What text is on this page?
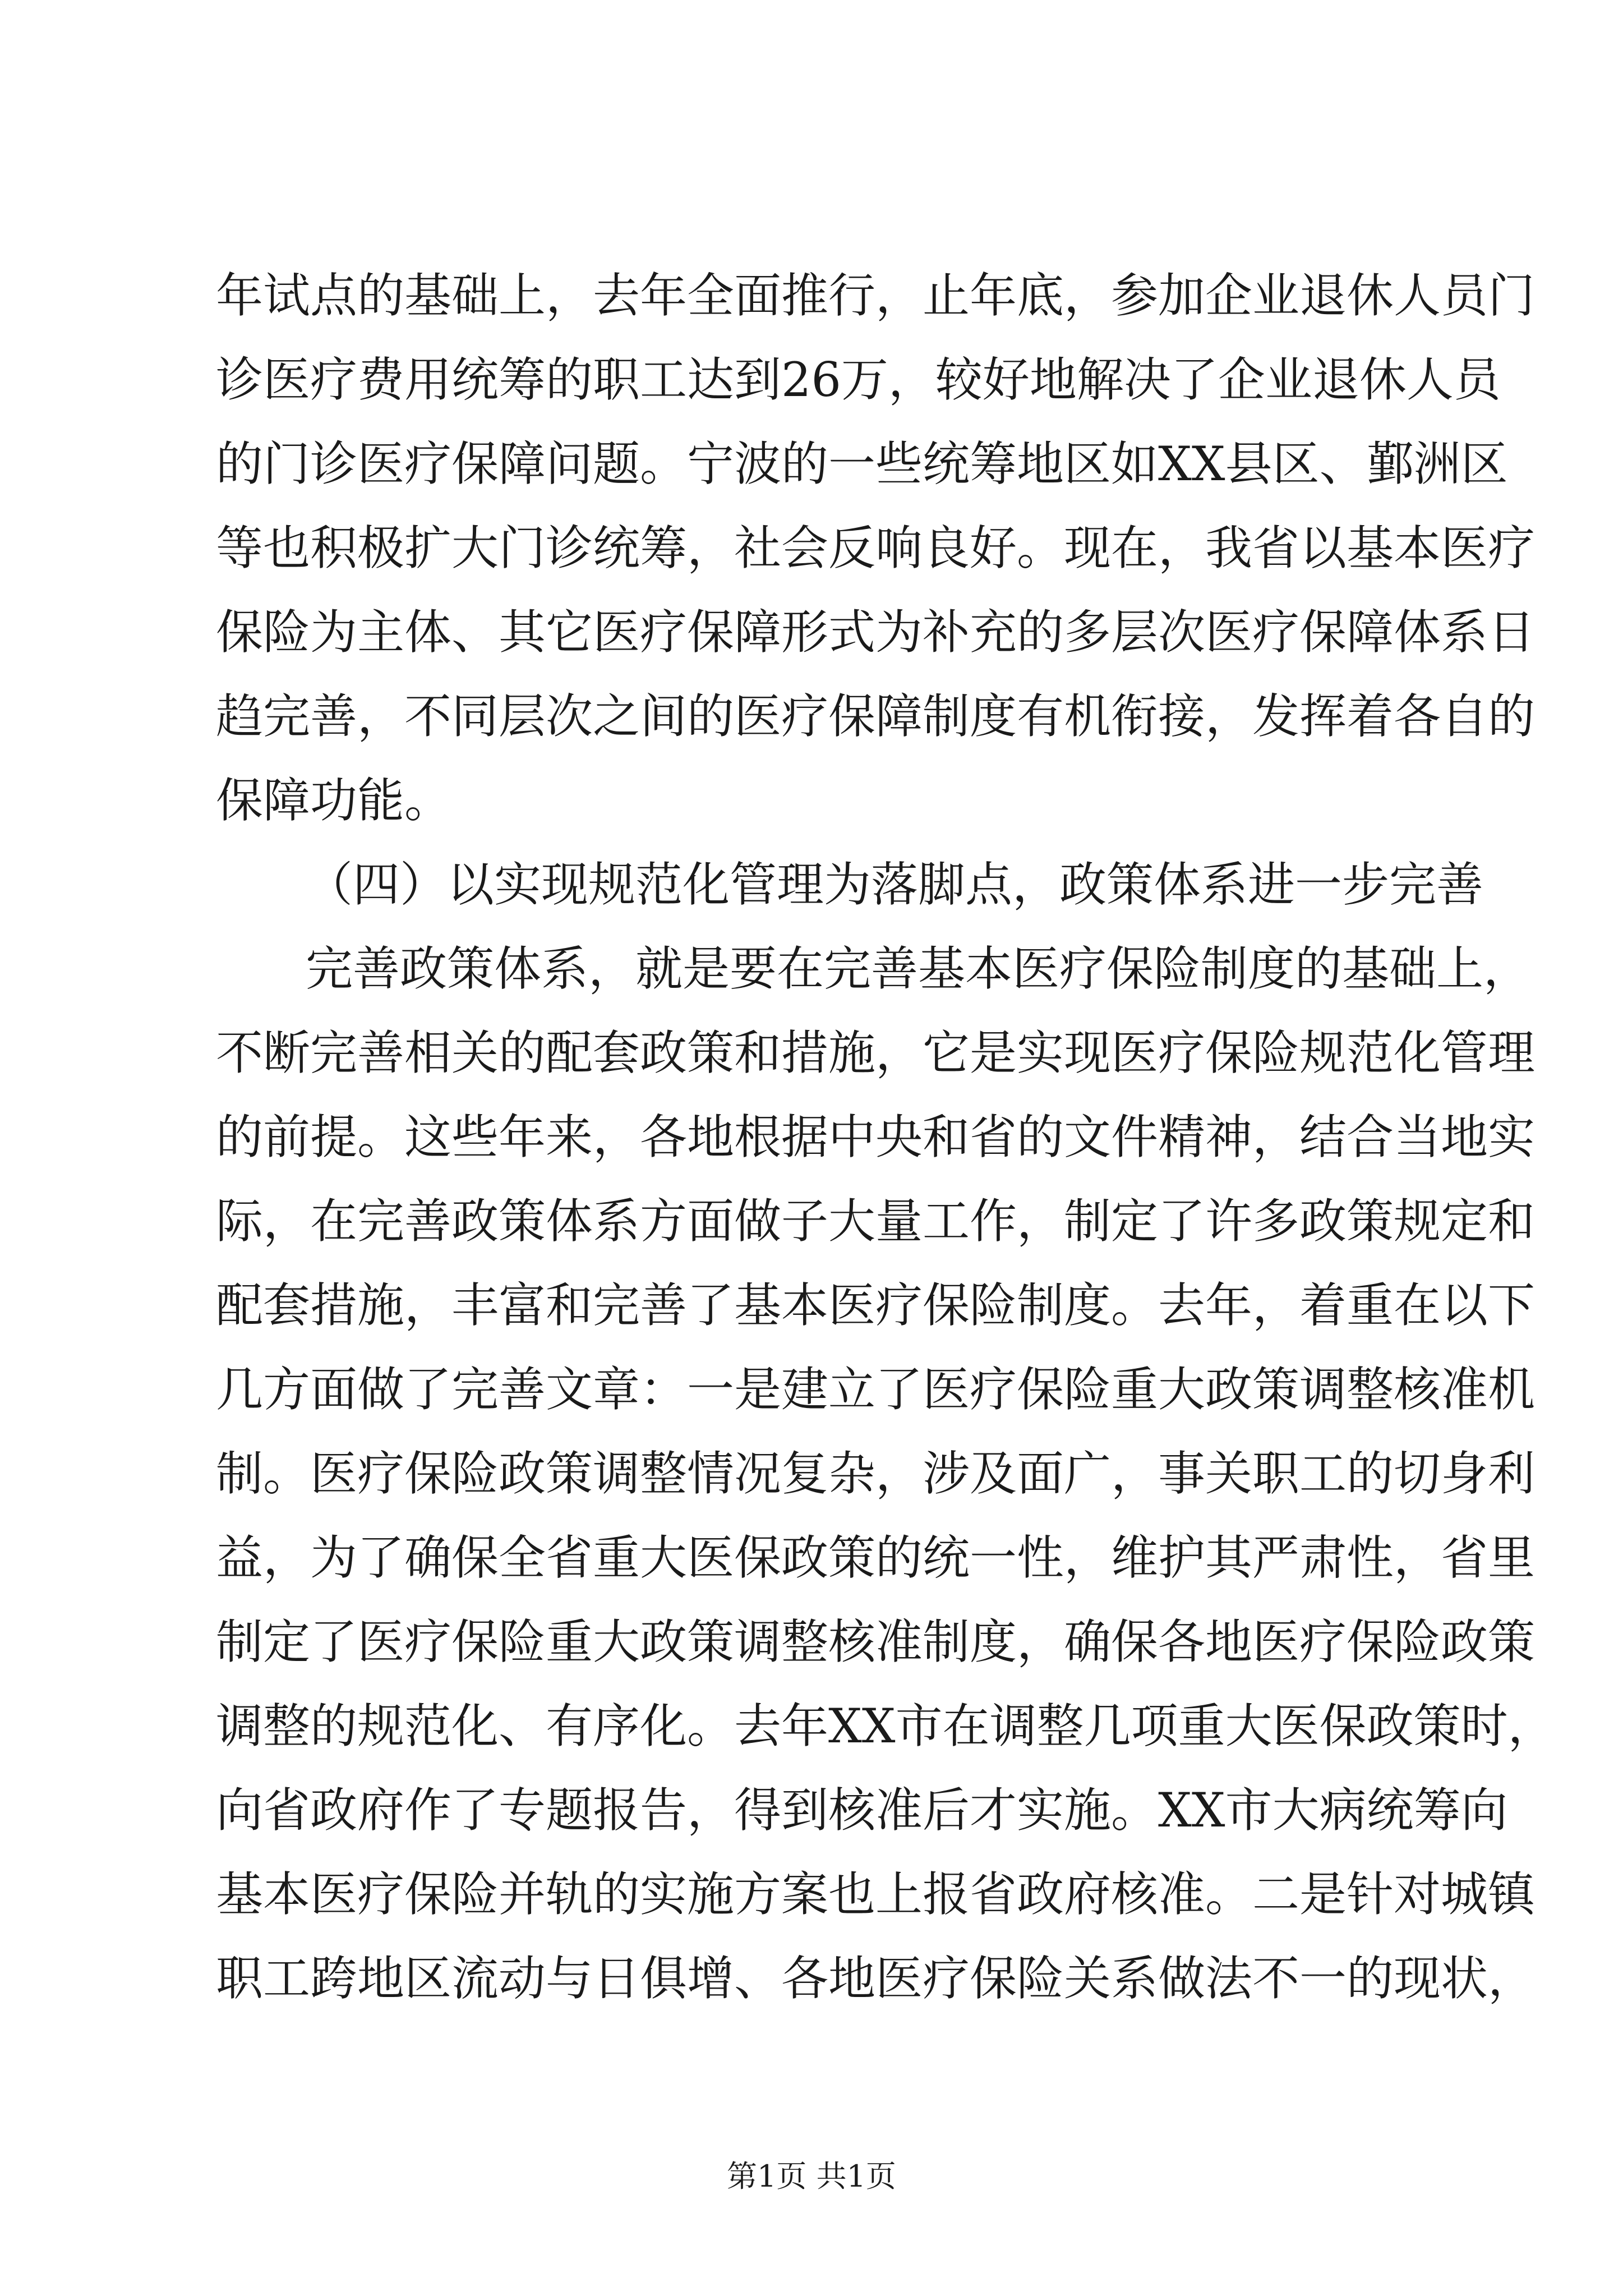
年试点的基础上，去年全面推行，止年底，参加企业退休人员门
诊医疗费用统筹的职工达到26万，较好地解决了企业退休人员
的门诊医疗保障问题。宁波的一些统筹地区如XX县区、鄞洲区
等也积极扩大门诊统筹，社会反响良好。现在，我省以基本医疗
保险为主体、其它医疗保障形式为补充的多层次医疗保障体系日
趋完善，不同层次之间的医疗保障制度有机衔接，发挥着各自的
保障功能。
（四）以实现规范化管理为落脚点，政策体系进一步完善
完善政策体系，就是要在完善基本医疗保险制度的基础上，
不断完善相关的配套政策和措施，它是实现医疗保险规范化管理
的前提。这些年来，各地根据中央和省的文件精神，结合当地实
际，在完善政策体系方面做子大量工作，制定了许多政策规定和
配套措施，丰富和完善了基本医疗保险制度。去年，着重在以下
几方面做了完善文章：一是建立了医疗保险重大政策调整核准机
制。医疗保险政策调整情况复杂，涉及面广，事关职工的切身利
益，为了确保全省重大医保政策的统一性，维护其严肃性，省里
制定了医疗保险重大政策调整核准制度，确保各地医疗保险政策
调整的规范化、有序化。去年XX市在调整几项重大医保政策时，
向省政府作了专题报告，得到核准后才实施。XX市大病统筹向
基本医疗保险并轨的实施方案也上报省政府核准。二是针对城镇
职工跨地区流动与日俱增、各地医疗保险关系做法不一的现状，
第1页 共1页
